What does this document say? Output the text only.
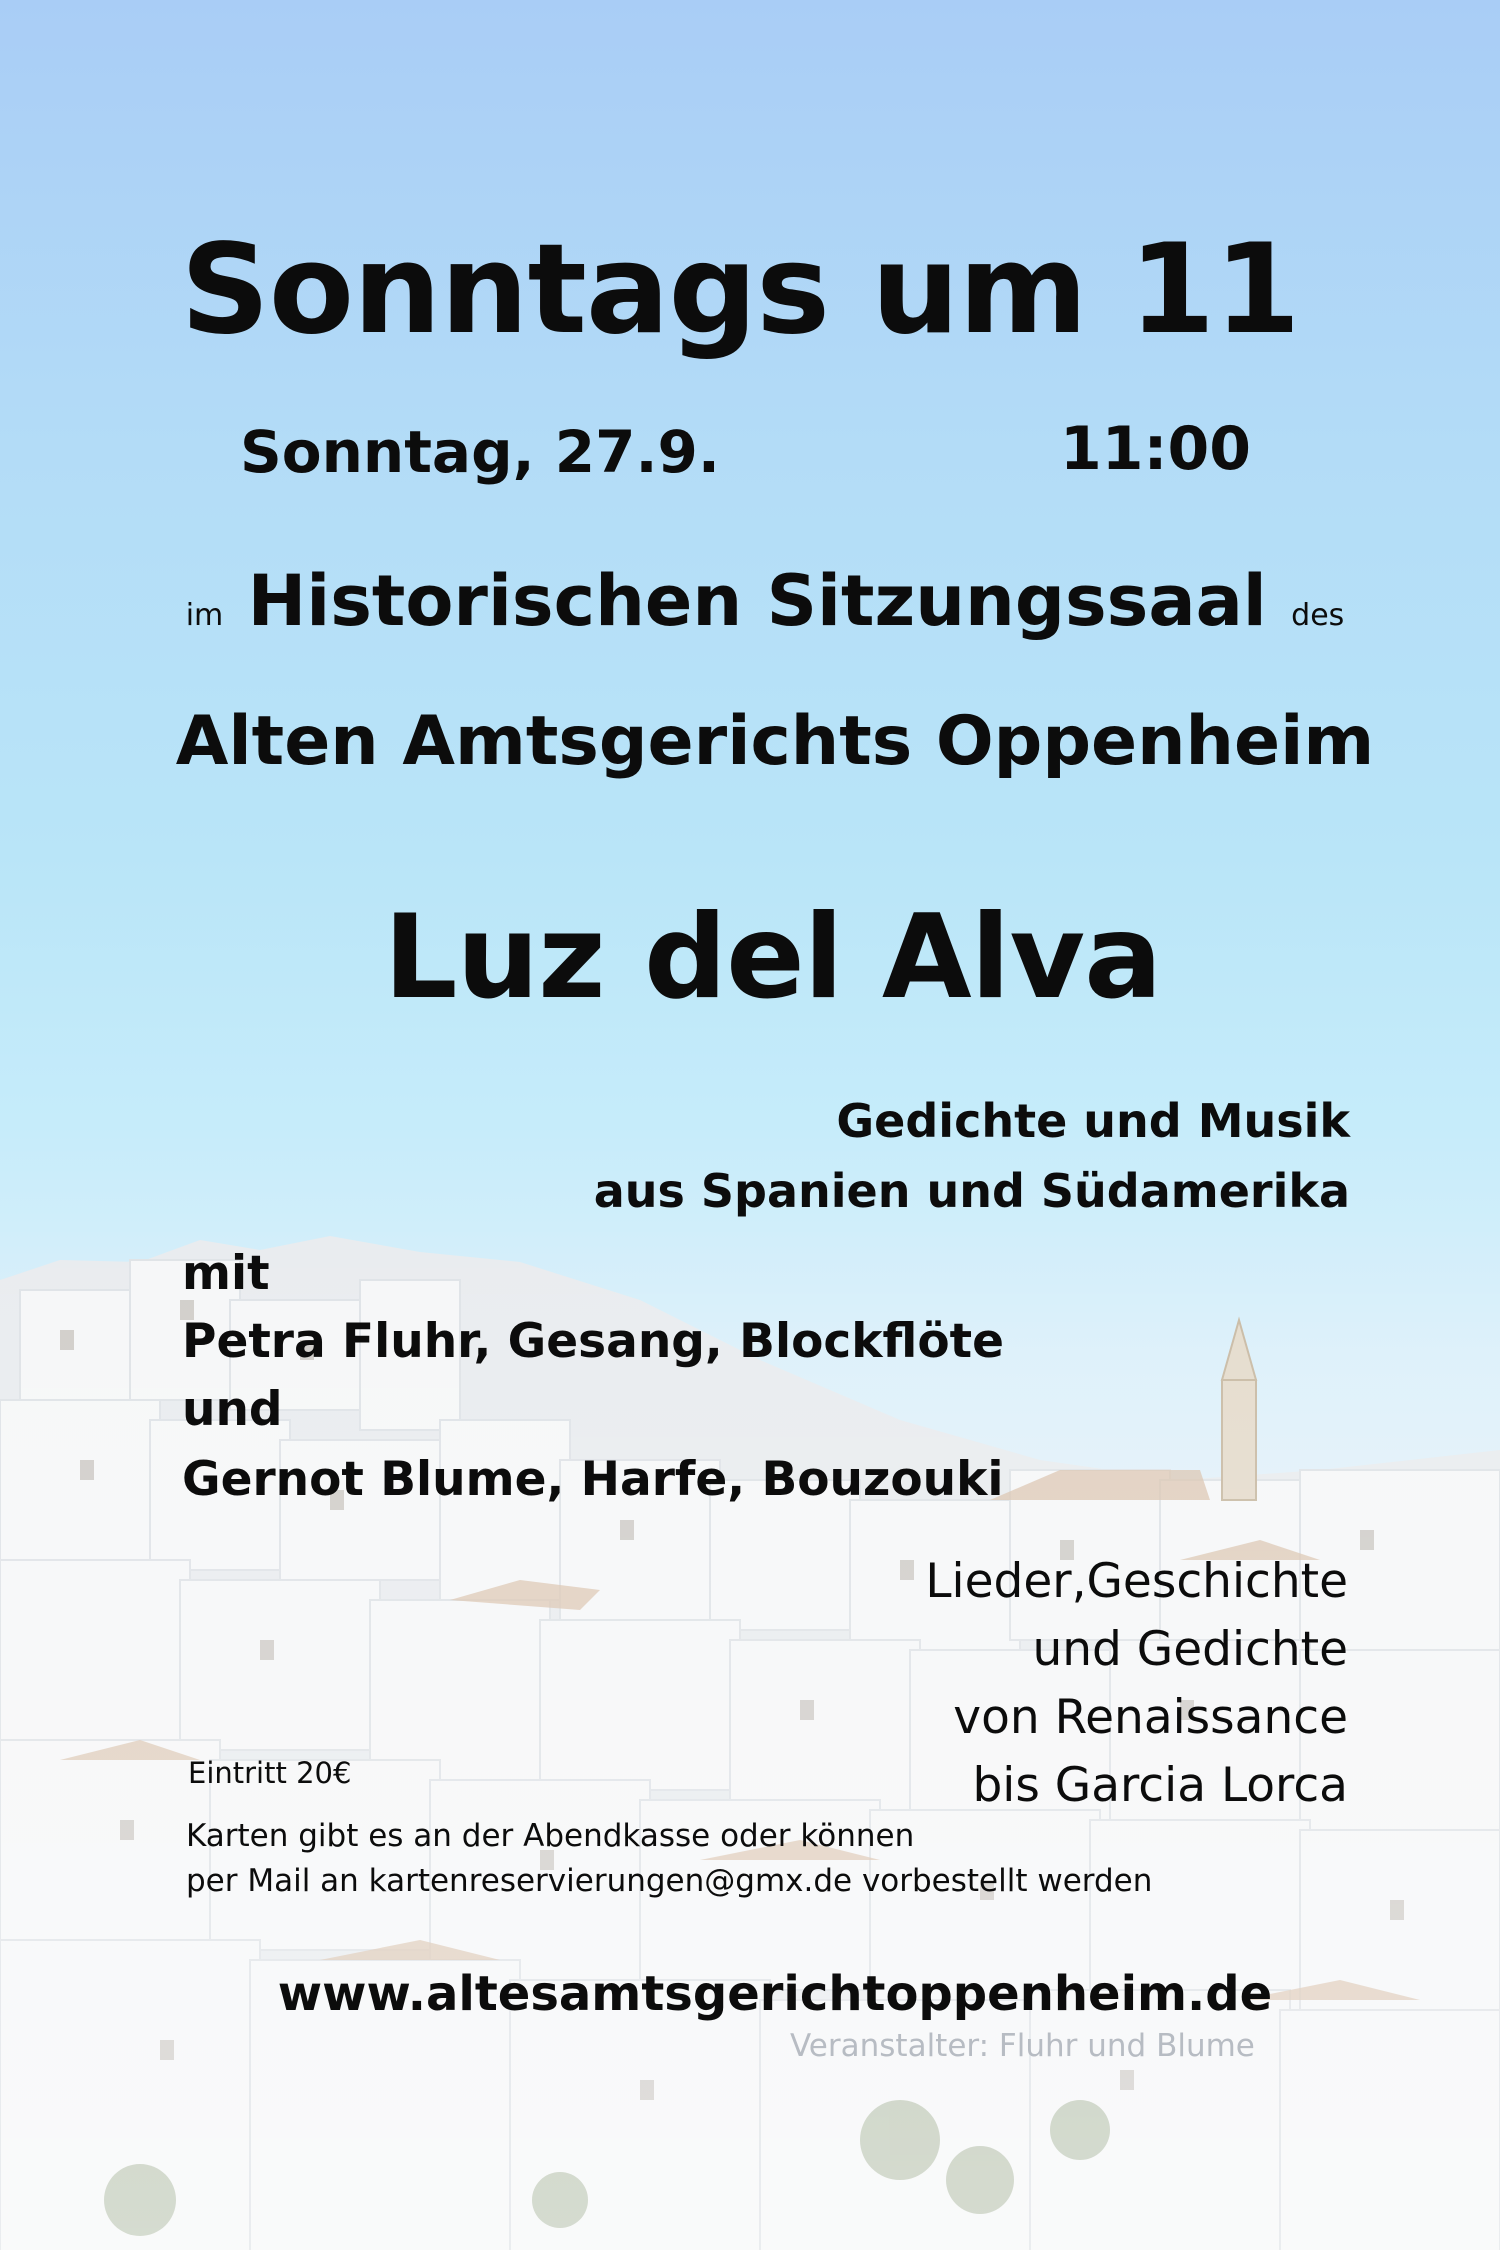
Sonntags um 11
Sonntag, 27.9.	11:00
im Historischen Sitzungssaal des
Alten Amtsgerichts Oppenheim
Luz del Alva
Gedichte und Musik
aus Spanien und Südamerika
mit
Petra Fluhr, Gesang, Blockflöte
und
Gernot Blume, Harfe, Bouzouki
Lieder,Geschichte
und Gedichte
von Renaissance
bis Garcia Lorca
Eintritt 20€
Karten gibt es an der Abendkasse oder können
per Mail an kartenreservierungen@gmx.de vorbestellt werden
www.altesamtsgerichtoppenheim.de
Veranstalter: Fluhr und Blume
